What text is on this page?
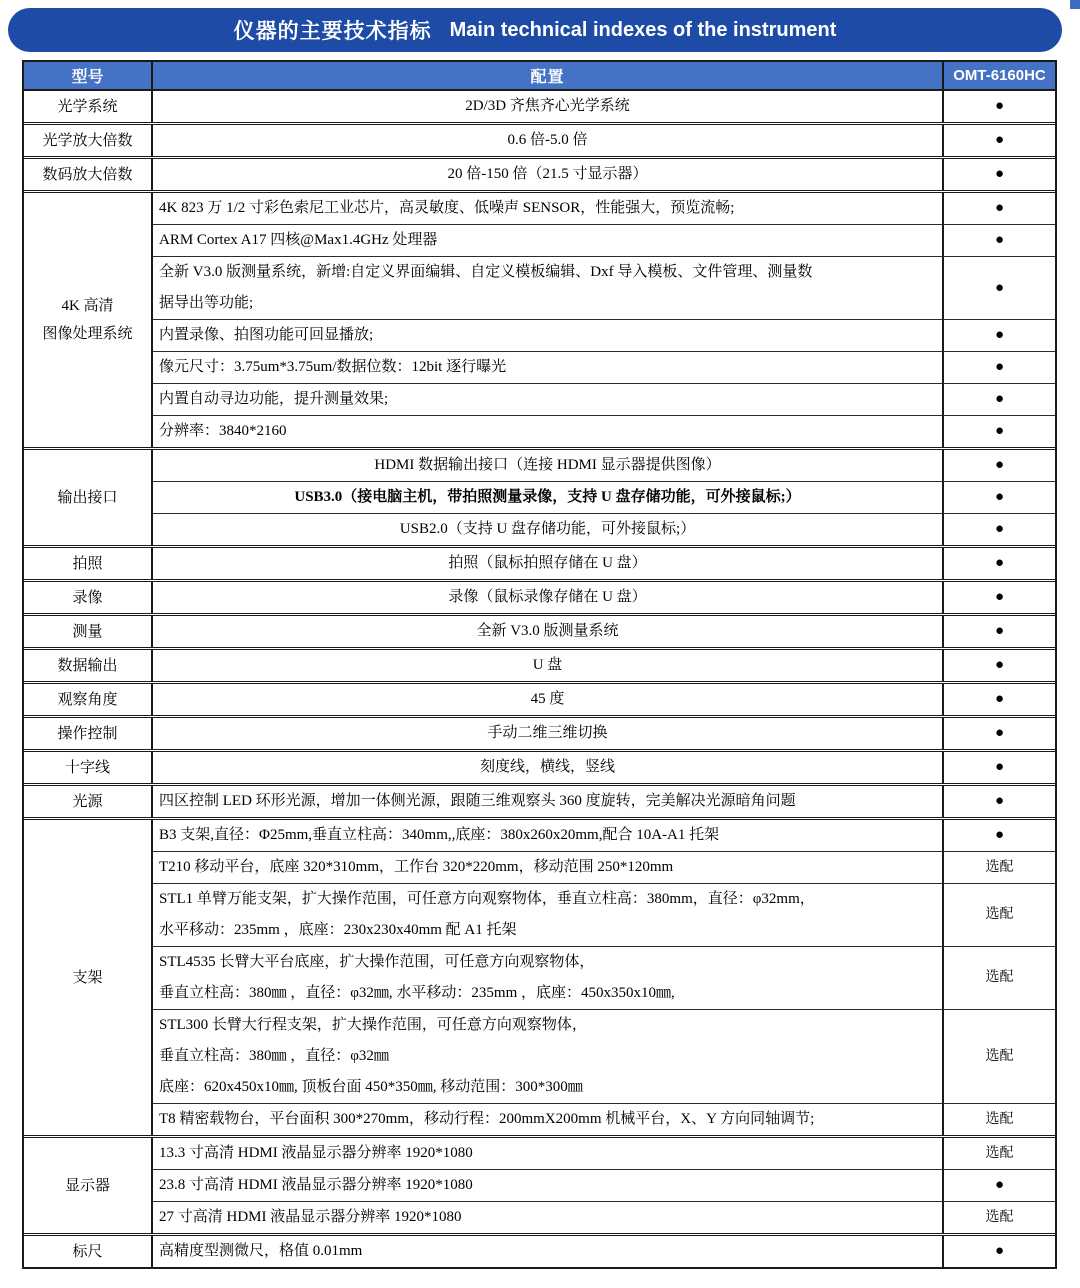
仪器的主要技术指标 Main technical indexes of the instrument
型号	配置	OMT-6160HC
光学系统	2D/3D 齐焦齐心光学系统	●
光学放大倍数	0.6 倍-5.0 倍	●
数码放大倍数	20 倍-150 倍（21.5 寸显示器）	●
4K 高清
图像处理系统
4K 823 万 1/2 寸彩色索尼工业芯片，高灵敏度、低噪声 SENSOR，性能强大，预览流畅;	●
ARM Cortex A17 四核@Max1.4GHz 处理器	●
全新 V3.0 版测量系统，新增:自定义界面编辑、自定义模板编辑、Dxf 导入模板、文件管理、测量数
据导出等功能;
●
内置录像、拍图功能可回显播放;	●
像元尺寸：3.75um*3.75um/数据位数：12bit 逐行曝光	●
内置自动寻边功能，提升测量效果;	●
分辨率：3840*2160	●
输出接口
HDMI 数据输出接口（连接 HDMI 显示器提供图像）	●
USB3.0（接电脑主机，带拍照测量录像，支持 U 盘存储功能，可外接鼠标;）	●
USB2.0（支持 U 盘存储功能，可外接鼠标;）	●
拍照	拍照（鼠标拍照存储在 U 盘）	●
录像	录像（鼠标录像存储在 U 盘）	●
测量	全新 V3.0 版测量系统	●
数据输出	U 盘	●
观察角度	45 度	●
操作控制	手动二维三维切换	●
十字线	刻度线，横线，竖线	●
光源	四区控制 LED 环形光源，增加一体侧光源，跟随三维观察头 360 度旋转，完美解决光源暗角问题	●
支架
B3 支架,直径：Φ25mm,垂直立柱高：340mm,,底座：380x260x20mm,配合 10A-A1 托架	●
T210 移动平台，底座 320*310mm，工作台 320*220mm，移动范围 250*120mm	选配
STL1 单臂万能支架，扩大操作范围，可任意方向观察物体，垂直立柱高：380mm，直径：φ32mm，
水平移动：235mm ，底座：230x230x40mm 配 A1 托架
选配
STL4535 长臂大平台底座，扩大操作范围，可任意方向观察物体，
垂直立柱高：380㎜ ，直径：φ32㎜, 水平移动：235mm ，底座：450x350x10㎜,
选配
STL300 长臂大行程支架，扩大操作范围，可任意方向观察物体，
垂直立柱高：380㎜ ，直径：φ32㎜
底座：620x450x10㎜, 顶板台面 450*350㎜, 移动范围：300*300㎜
选配
T8 精密载物台，平台面积 300*270mm，移动行程：200mmX200mm 机械平台，X、Y 方向同轴调节;	选配
显示器
13.3 寸高清 HDMI 液晶显示器分辨率 1920*1080	选配
23.8 寸高清 HDMI 液晶显示器分辨率 1920*1080	●
27 寸高清 HDMI 液晶显示器分辨率 1920*1080	选配
标尺	高精度型测微尺，格值 0.01mm	●
